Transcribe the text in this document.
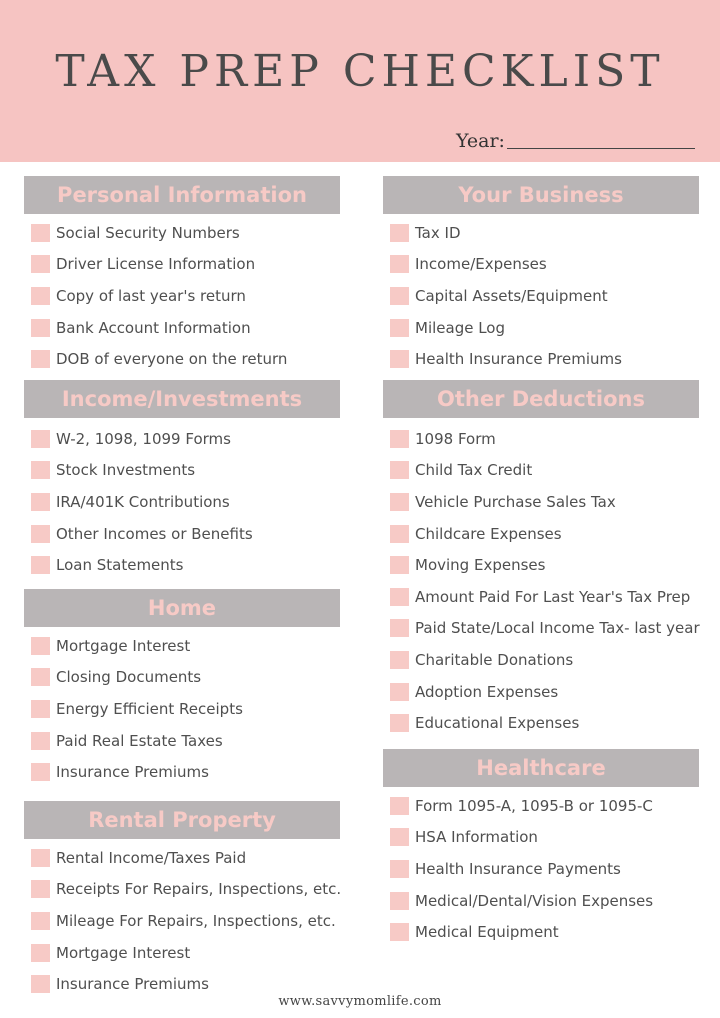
TAX PREP CHECKLIST
Year:
Personal Information
Social Security Numbers
Driver License Information
Copy of last year's return
Bank Account Information
DOB of everyone on the return
Income/Investments
W-2, 1098, 1099 Forms
Stock Investments
IRA/401K Contributions
Other Incomes or Benefits
Loan Statements
Home
Mortgage Interest
Closing Documents
Energy Efficient Receipts
Paid Real Estate Taxes
Insurance Premiums
Rental Property
Rental Income/Taxes Paid
Receipts For Repairs, Inspections, etc.
Mileage For Repairs, Inspections, etc.
Mortgage Interest
Insurance Premiums
Your Business
Tax ID
Income/Expenses
Capital Assets/Equipment
Mileage Log
Health Insurance Premiums
Other Deductions
1098 Form
Child Tax Credit
Vehicle Purchase Sales Tax
Childcare Expenses
Moving Expenses
Amount Paid For Last Year's Tax Prep
Paid State/Local Income Tax- last year
Charitable Donations
Adoption Expenses
Educational Expenses
Healthcare
Form 1095-A, 1095-B or 1095-C
HSA Information
Health Insurance Payments
Medical/Dental/Vision Expenses
Medical Equipment
www.savvymomlife.com
